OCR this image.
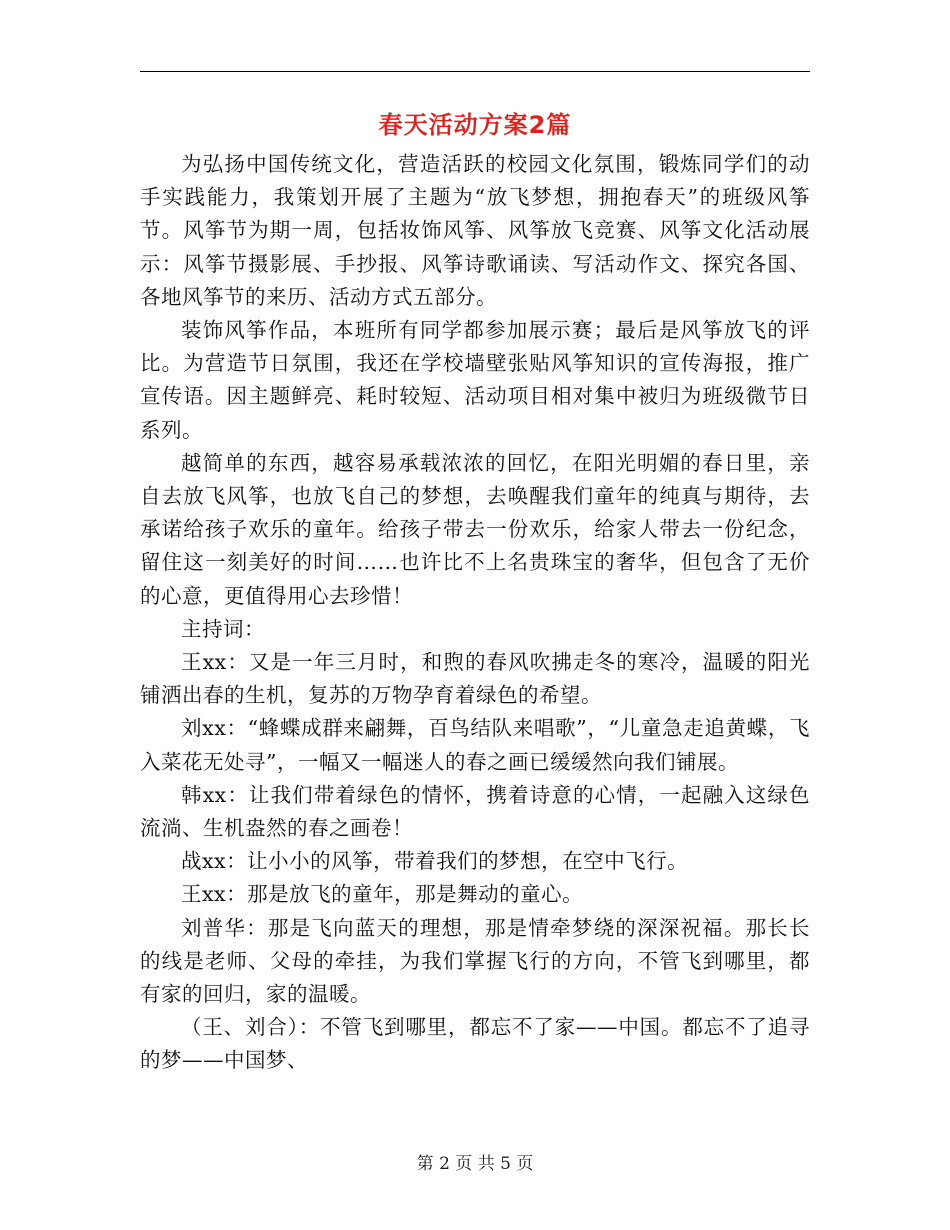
春天活动方案2篇

为弘扬中国传统文化，营造活跃的校园文化氛围，锻炼同学们的动手实践能力，我策划开展了主题为“放飞梦想，拥抱春天”的班级风筝节。风筝节为期一周，包括妆饰风筝、风筝放飞竞赛、风筝文化活动展示：风筝节摄影展、手抄报、风筝诗歌诵读、写活动作文、探究各国、各地风筝节的来历、活动方式五部分。

装饰风筝作品，本班所有同学都参加展示赛；最后是风筝放飞的评比。为营造节日氛围，我还在学校墙壁张贴风筝知识的宣传海报，推广宣传语。因主题鲜亮、耗时较短、活动项目相对集中被归为班级微节日系列。

越简单的东西，越容易承载浓浓的回忆，在阳光明媚的春日里，亲自去放飞风筝，也放飞自己的梦想，去唤醒我们童年的纯真与期待，去承诺给孩子欢乐的童年。给孩子带去一份欢乐，给家人带去一份纪念，留住这一刻美好的时间……也许比不上名贵珠宝的奢华，但包含了无价的心意，更值得用心去珍惜！

主持词：

王xx：又是一年三月时，和煦的春风吹拂走冬的寒冷，温暖的阳光铺洒出春的生机，复苏的万物孕育着绿色的希望。

刘xx：“蜂蝶成群来翩舞，百鸟结队来唱歌”，“儿童急走追黄蝶，飞入菜花无处寻”，一幅又一幅迷人的春之画已缓缓然向我们铺展。

韩xx：让我们带着绿色的情怀，携着诗意的心情，一起融入这绿色流淌、生机盎然的春之画卷！

战xx：让小小的风筝，带着我们的梦想，在空中飞行。

王xx：那是放飞的童年，那是舞动的童心。

刘普华：那是飞向蓝天的理想，那是情牵梦绕的深深祝福。那长长的线是老师、父母的牵挂，为我们掌握飞行的方向，不管飞到哪里，都有家的回归，家的温暖。

（王、刘合）：不管飞到哪里，都忘不了家——中国。都忘不了追寻的梦——中国梦、

第 2 页 共 5 页
